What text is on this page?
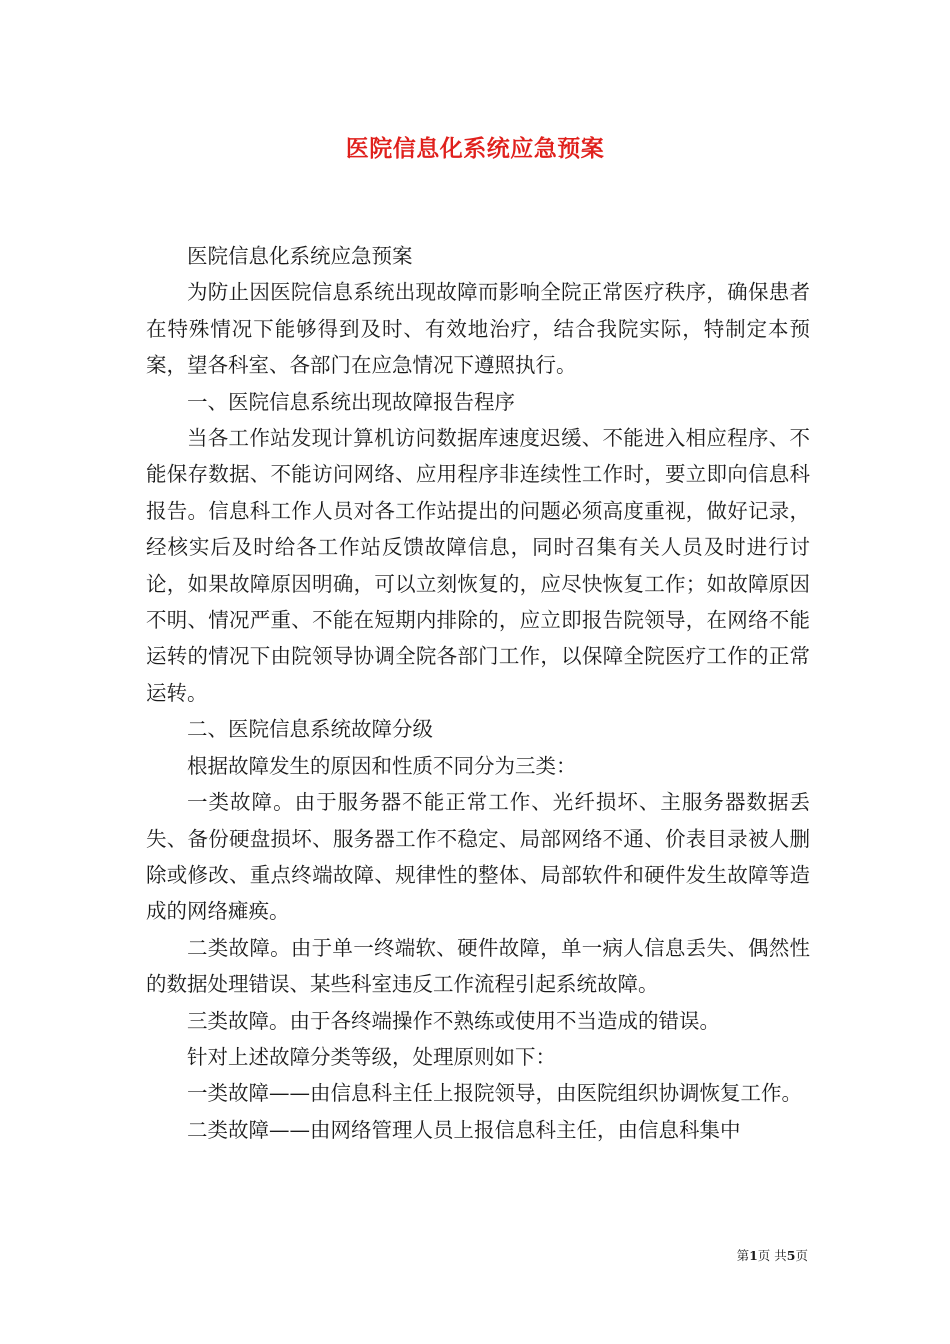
医院信息化系统应急预案

医院信息化系统应急预案

为防止因医院信息系统出现故障而影响全院正常医疗秩序，确保患者在特殊情况下能够得到及时、有效地治疗，结合我院实际，特制定本预案，望各科室、各部门在应急情况下遵照执行。

一、医院信息系统出现故障报告程序

当各工作站发现计算机访问数据库速度迟缓、不能进入相应程序、不能保存数据、不能访问网络、应用程序非连续性工作时，要立即向信息科报告。信息科工作人员对各工作站提出的问题必须高度重视，做好记录，经核实后及时给各工作站反馈故障信息，同时召集有关人员及时进行讨论，如果故障原因明确，可以立刻恢复的，应尽快恢复工作；如故障原因不明、情况严重、不能在短期内排除的，应立即报告院领导，在网络不能运转的情况下由院领导协调全院各部门工作，以保障全院医疗工作的正常运转。

二、医院信息系统故障分级

根据故障发生的原因和性质不同分为三类：

一类故障。由于服务器不能正常工作、光纤损坏、主服务器数据丢失、备份硬盘损坏、服务器工作不稳定、局部网络不通、价表目录被人删除或修改、重点终端故障、规律性的整体、局部软件和硬件发生故障等造成的网络瘫痪。

二类故障。由于单一终端软、硬件故障，单一病人信息丢失、偶然性的数据处理错误、某些科室违反工作流程引起系统故障。

三类故障。由于各终端操作不熟练或使用不当造成的错误。

针对上述故障分类等级，处理原则如下：

一类故障——由信息科主任上报院领导，由医院组织协调恢复工作。

二类故障——由网络管理人员上报信息科主任，由信息科集中

第1页 共5页
